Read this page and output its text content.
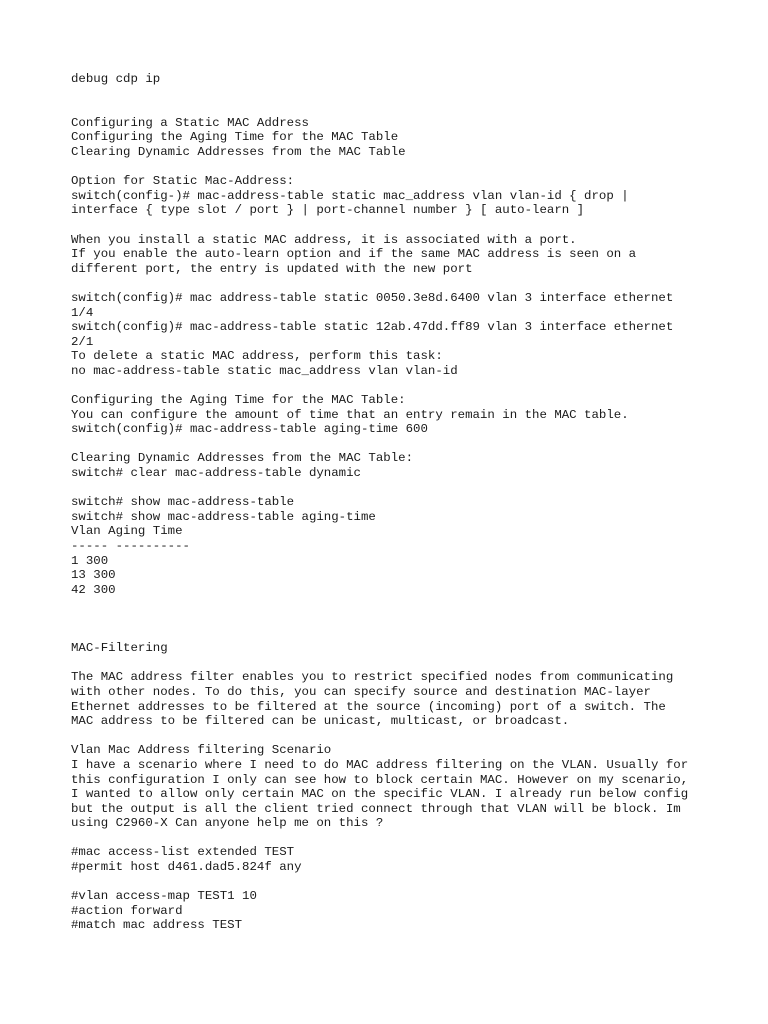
debug cdp ip
Configuring a Static MAC Address
Configuring the Aging Time for the MAC Table
Clearing Dynamic Addresses from the MAC Table
Option for Static Mac-Address:
switch(config-)# mac-address-table static mac_address vlan vlan-id { drop |
interface { type slot / port } | port-channel number } [ auto-learn ]
When you install a static MAC address, it is associated with a port.
If you enable the auto-learn option and if the same MAC address is seen on a
different port, the entry is updated with the new port
switch(config)# mac address-table static 0050.3e8d.6400 vlan 3 interface ethernet
1/4
switch(config)# mac-address-table static 12ab.47dd.ff89 vlan 3 interface ethernet
2/1
To delete a static MAC address, perform this task:
no mac-address-table static mac_address vlan vlan-id
Configuring the Aging Time for the MAC Table:
You can configure the amount of time that an entry remain in the MAC table.
switch(config)# mac-address-table aging-time 600
Clearing Dynamic Addresses from the MAC Table:
switch# clear mac-address-table dynamic
switch# show mac-address-table
switch# show mac-address-table aging-time
Vlan Aging Time
----- ----------
1 300
13 300
42 300
MAC-Filtering
The MAC address filter enables you to restrict specified nodes from communicating
with other nodes. To do this, you can specify source and destination MAC-layer
Ethernet addresses to be filtered at the source (incoming) port of a switch. The
MAC address to be filtered can be unicast, multicast, or broadcast.
Vlan Mac Address filtering Scenario
I have a scenario where I need to do MAC address filtering on the VLAN. Usually for
this configuration I only can see how to block certain MAC. However on my scenario,
I wanted to allow only certain MAC on the specific VLAN. I already run below config
but the output is all the client tried connect through that VLAN will be block. Im
using C2960-X Can anyone help me on this ?
#mac access-list extended TEST
#permit host d461.dad5.824f any
#vlan access-map TEST1 10
#action forward
#match mac address TEST
